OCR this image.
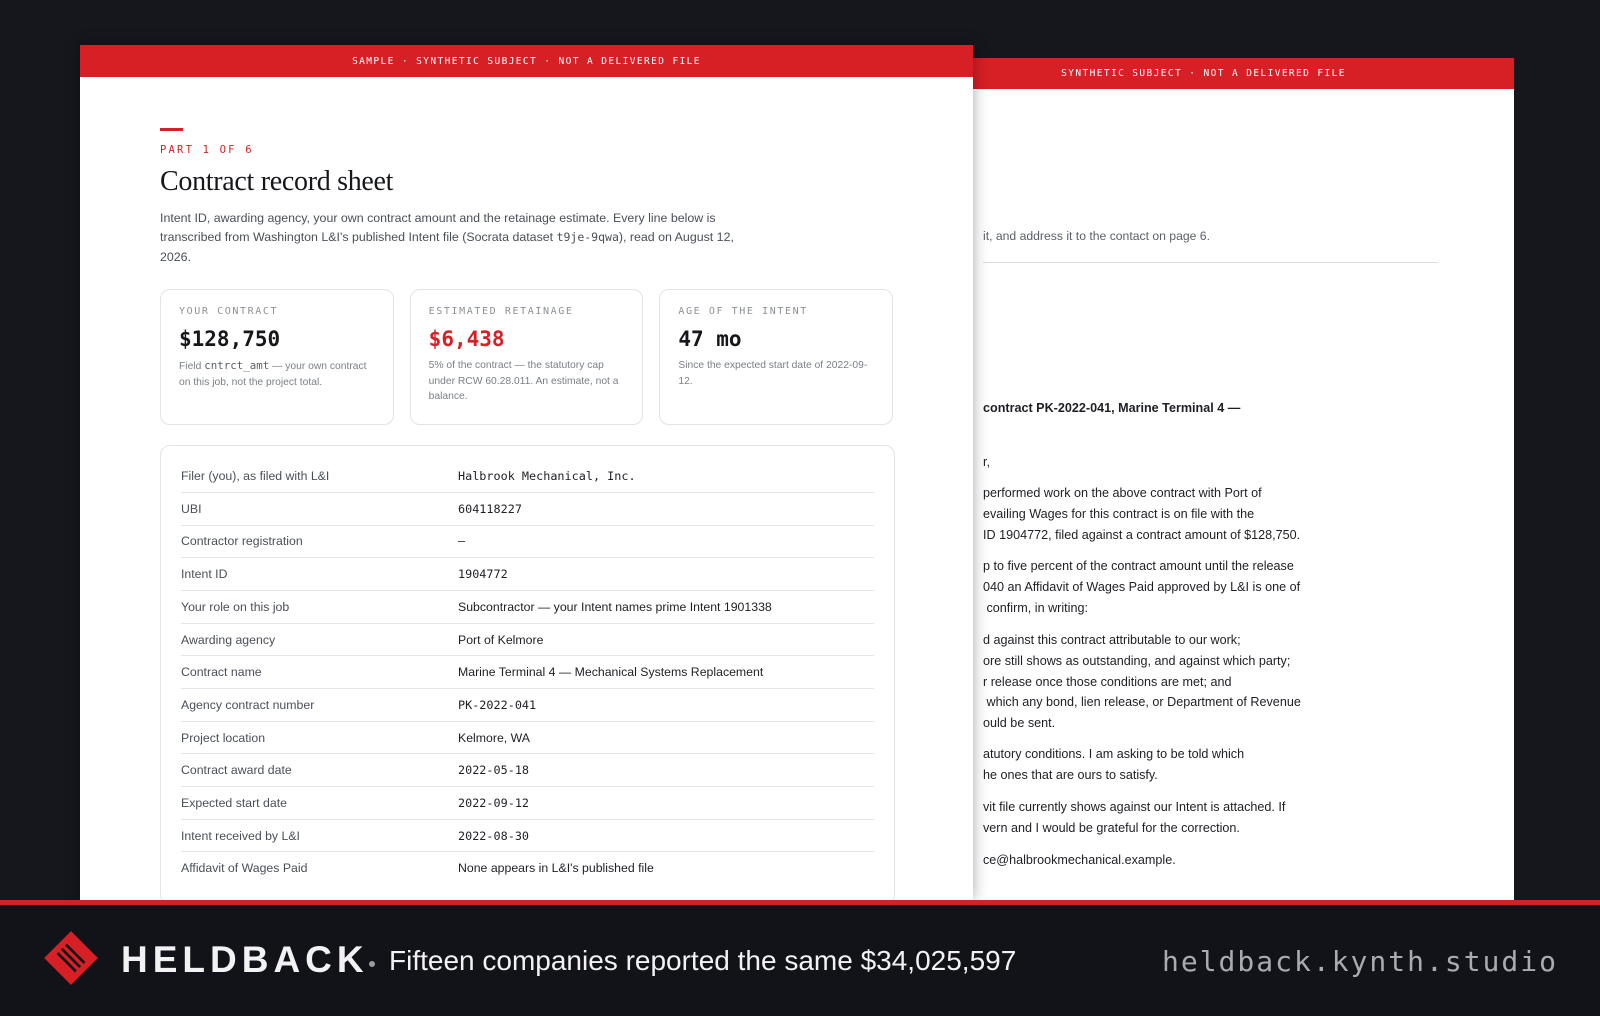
SYNTHETIC SUBJECT · NOT A DELIVERED FILE
it, and address it to the contact on page 6.
contract PK-2022-041, Marine Terminal 4 —
r,
performed work on the above contract with Port of
evailing Wages for this contract is on file with the
ID 1904772, filed against a contract amount of $128,750.
p to five percent of the contract amount until the release
040 an Affidavit of Wages Paid approved by L&I is one of
confirm, in writing:
d against this contract attributable to our work;
ore still shows as outstanding, and against which party;
r release once those conditions are met; and
which any bond, lien release, or Department of Revenue
ould be sent.
atutory conditions. I am asking to be told which
he ones that are ours to satisfy.
vit file currently shows against our Intent is attached. If
vern and I would be grateful for the correction.
ce@halbrookmechanical.example.
SAMPLE · SYNTHETIC SUBJECT · NOT A DELIVERED FILE
PART 1 OF 6
Contract record sheet
Intent ID, awarding agency, your own contract amount and the retainage estimate. Every line below is transcribed from Washington L&I's published Intent file (Socrata dataset t9je-9qwa), read on August 12, 2026.
YOUR CONTRACT
$128,750
Field cntrct_amt — your own contract on this job, not the project total.
ESTIMATED RETAINAGE
$6,438
5% of the contract — the statutory cap under RCW 60.28.011. An estimate, not a balance.
AGE OF THE INTENT
47 mo
Since the expected start date of 2022-09-12.
Filer (you), as filed with L&I	Halbrook Mechanical, Inc.
UBI	604118227
Contractor registration	–
Intent ID	1904772
Your role on this job	Subcontractor — your Intent names prime Intent 1901338
Awarding agency	Port of Kelmore
Contract name	Marine Terminal 4 — Mechanical Systems Replacement
Agency contract number	PK-2022-041
Project location	Kelmore, WA
Contract award date	2022-05-18
Expected start date	2022-09-12
Intent received by L&I	2022-08-30
Affidavit of Wages Paid	None appears in L&I's published file
HELDBACK Fifteen companies reported the same $34,025,597	heldback.kynth.studio
